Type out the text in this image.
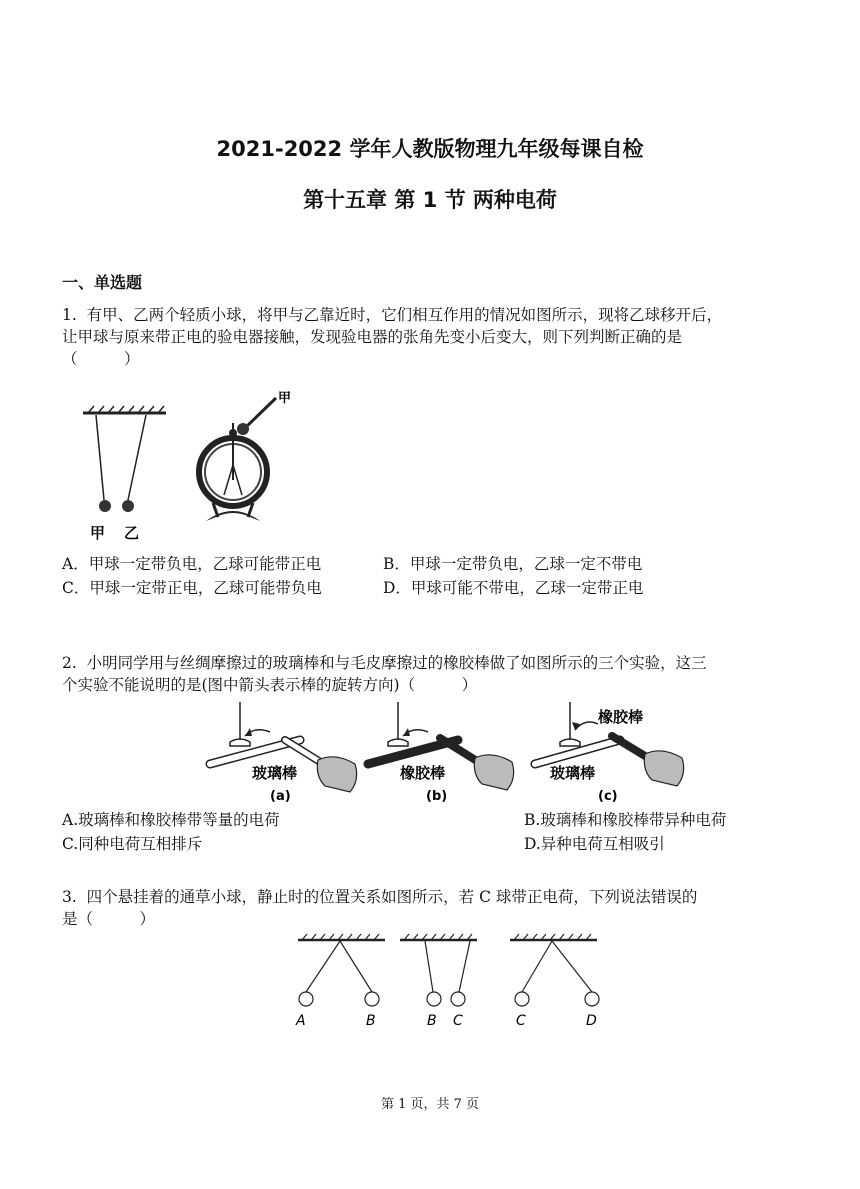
2021-2022 学年人教版物理九年级每课自检
第十五章 第 1 节 两种电荷
一、单选题
1. 有甲、乙两个轻质小球，将甲与乙靠近时，它们相互作用的情况如图所示，现将乙球移开后，
让甲球与原来带正电的验电器接触，发现验电器的张角先变小后变大，则下列判断正确的是
（　　　）
甲 乙
甲
A．甲球一定带负电，乙球可能带正电	B．甲球一定带负电，乙球一定不带电
C．甲球一定带正电，乙球可能带负电	D．甲球可能不带电，乙球一定带正电
2. 小明同学用与丝绸摩擦过的玻璃棒和与毛皮摩擦过的橡胶棒做了如图所示的三个实验，这三
个实验不能说明的是(图中箭头表示棒的旋转方向)（　　　）
玻璃棒
(a)
橡胶棒
(b)
橡胶棒
玻璃棒
(c)
A.玻璃棒和橡胶棒带等量的电荷	B.玻璃棒和橡胶棒带异种电荷
C.同种电荷互相排斥	D.异种电荷互相吸引
3. 四个悬挂着的通草小球，静止时的位置关系如图所示，若 C 球带正电荷，下列说法错误的
是（　　　）
A	B	B C	C	D
第 1 页，共 7 页
